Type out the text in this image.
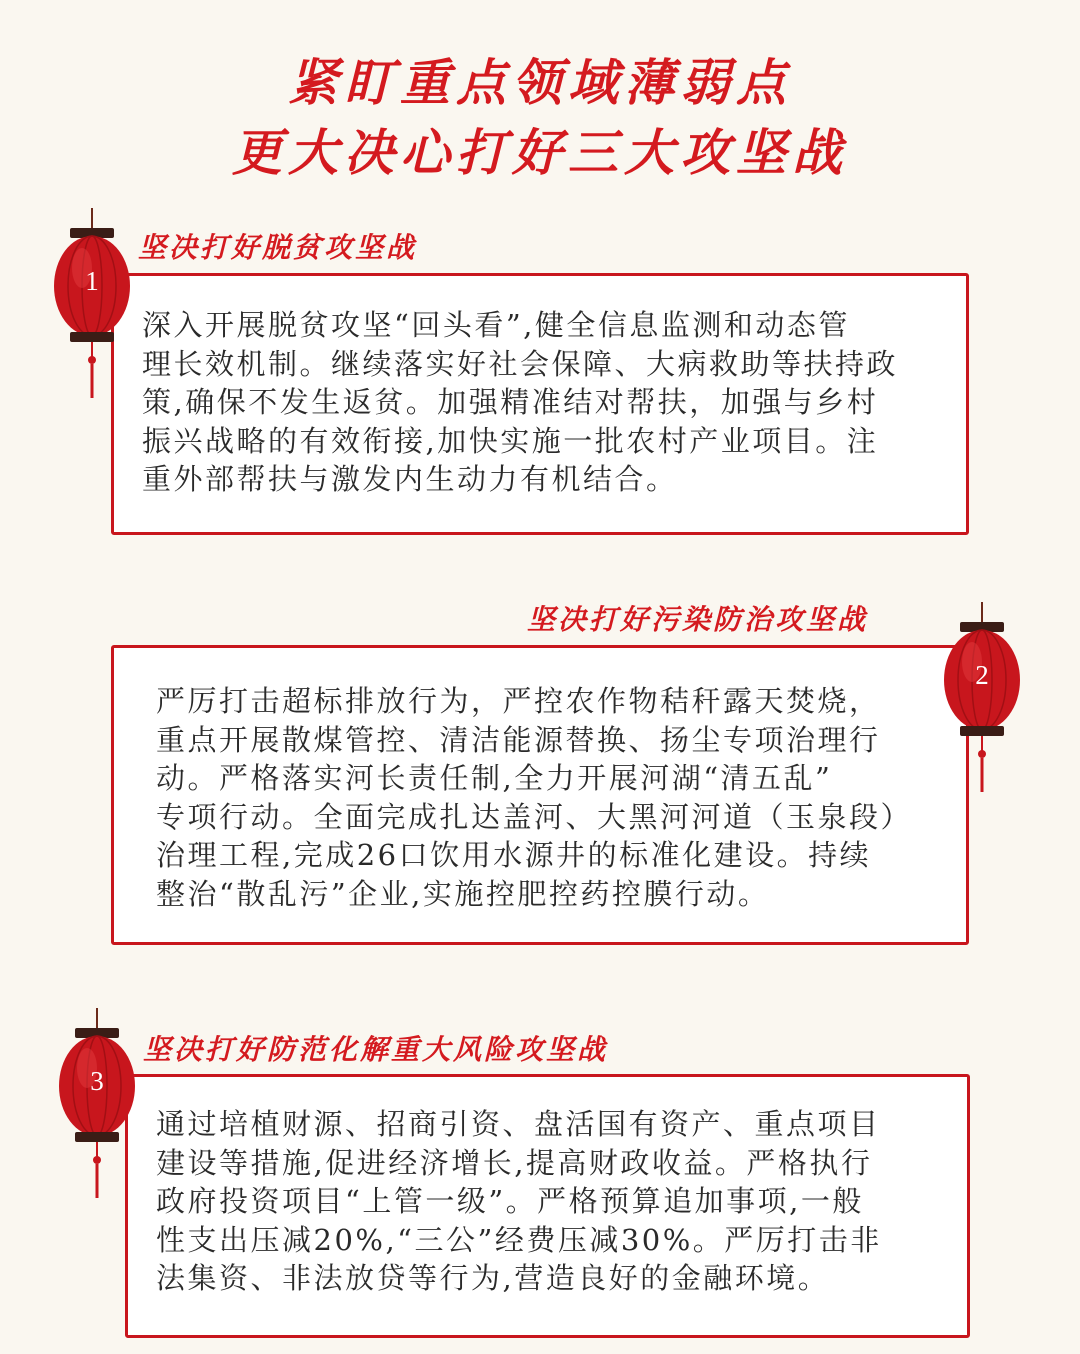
紧盯重点领域薄弱点
更大决心打好三大攻坚战

深入开展脱贫攻坚“回头看”,健全信息监测和动态管
理长效机制。继续落实好社会保障、大病救助等扶持政
策,确保不发生返贫。加强精准结对帮扶，加强与乡村
振兴战略的有效衔接,加快实施一批农村产业项目。注
重外部帮扶与激发内生动力有机结合。

坚决打好脱贫攻坚战
1

严厉打击超标排放行为，严控农作物秸秆露天焚烧，
重点开展散煤管控、清洁能源替换、扬尘专项治理行
动。严格落实河长责任制,全力开展河湖“清五乱”
专项行动。全面完成扎达盖河、大黑河河道（玉泉段）
治理工程,完成26口饮用水源井的标准化建设。持续
整治“散乱污”企业,实施控肥控药控膜行动。

坚决打好污染防治攻坚战
2

通过培植财源、招商引资、盘活国有资产、重点项目
建设等措施,促进经济增长,提高财政收益。严格执行
政府投资项目“上管一级”。严格预算追加事项,一般
性支出压减20%,“三公”经费压减30%。严厉打击非
法集资、非法放贷等行为,营造良好的金融环境。

坚决打好防范化解重大风险攻坚战
3
